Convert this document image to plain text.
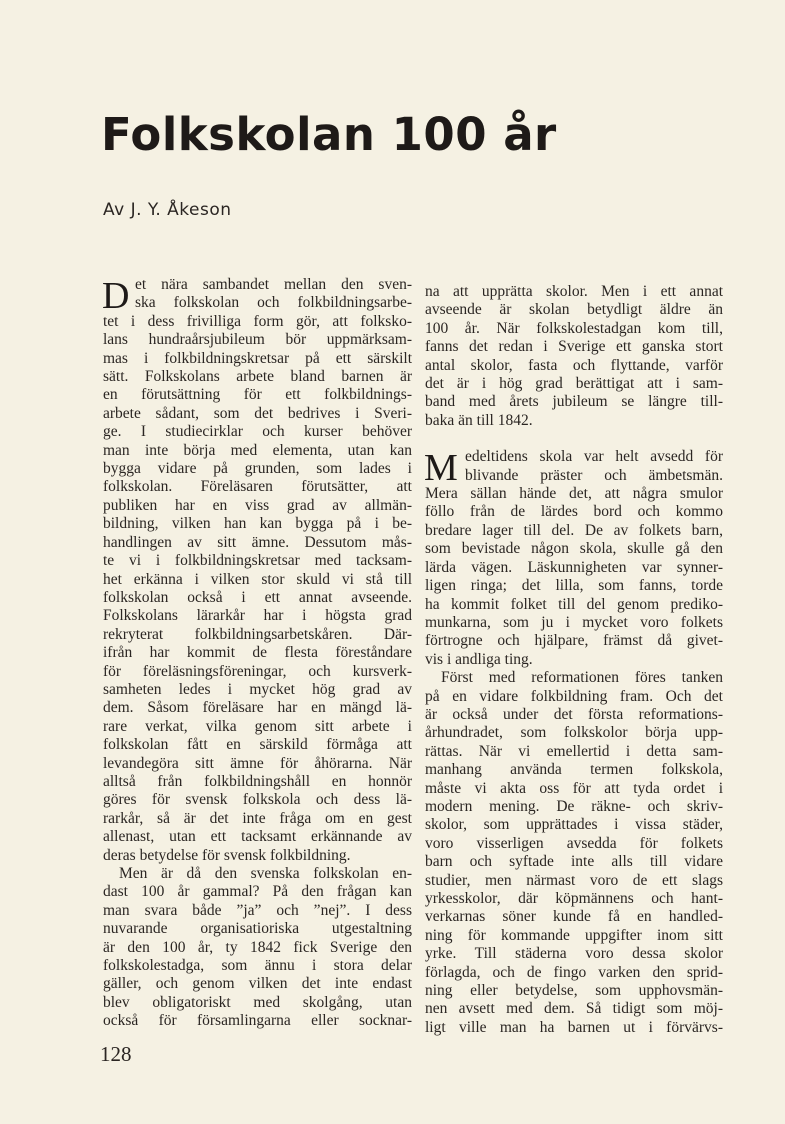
Folkskolan 100 år
Av J. Y. Åkeson
D et nära sambandet mellan den sven-
ska folkskolan och folkbildningsarbe-
tet i dess frivilliga form gör, att folksko-
lans hundraårsjubileum bör uppmärksam-
mas i folkbildningskretsar på ett särskilt
sätt. Folkskolans arbete bland barnen är
en förutsättning för ett folkbildnings-
arbete sådant, som det bedrives i Sveri-
ge. I studiecirklar och kurser behöver
man inte börja med elementa, utan kan
bygga vidare på grunden, som lades i
folkskolan. Föreläsaren förutsätter, att
publiken har en viss grad av allmän-
bildning, vilken han kan bygga på i be-
handlingen av sitt ämne. Dessutom mås-
te vi i folkbildningskretsar med tacksam-
het erkänna i vilken stor skuld vi stå till
folkskolan också i ett annat avseende.
Folkskolans lärarkår har i högsta grad
rekryterat folkbildningsarbetskåren. Där-
ifrån har kommit de flesta föreståndare
för föreläsningsföreningar, och kursverk-
samheten ledes i mycket hög grad av
dem. Såsom föreläsare har en mängd lä-
rare verkat, vilka genom sitt arbete i
folkskolan fått en särskild förmåga att
levandegöra sitt ämne för åhörarna. När
alltså från folkbildningshåll en honnör
göres för svensk folkskola och dess lä-
rarkår, så är det inte fråga om en gest
allenast, utan ett tacksamt erkännande av
deras betydelse för svensk folkbildning.
Men är då den svenska folkskolan en-
dast 100 år gammal? På den frågan kan
man svara både ”ja” och ”nej”. I dess
nuvarande organisatioriska utgestaltning
är den 100 år, ty 1842 fick Sverige den
folkskolestadga, som ännu i stora delar
gäller, och genom vilken det inte endast
blev obligatoriskt med skolgång, utan
också för församlingarna eller socknar-
na att upprätta skolor. Men i ett annat
avseende är skolan betydligt äldre än
100 år. När folkskolestadgan kom till,
fanns det redan i Sverige ett ganska stort
antal skolor, fasta och flyttande, varför
det är i hög grad berättigat att i sam-
band med årets jubileum se längre till-
baka än till 1842.
M edeltidens skola var helt avsedd för
blivande präster och ämbetsmän.
Mera sällan hände det, att några smulor
föllo från de lärdes bord och kommo
bredare lager till del. De av folkets barn,
som bevistade någon skola, skulle gå den
lärda vägen. Läskunnigheten var synner-
ligen ringa; det lilla, som fanns, torde
ha kommit folket till del genom prediko-
munkarna, som ju i mycket voro folkets
förtrogne och hjälpare, främst då givet-
vis i andliga ting.
Först med reformationen föres tanken
på en vidare folkbildning fram. Och det
är också under det första reformations-
århundradet, som folkskolor börja upp-
rättas. När vi emellertid i detta sam-
manhang använda termen folkskola,
måste vi akta oss för att tyda ordet i
modern mening. De räkne- och skriv-
skolor, som upprättades i vissa städer,
voro visserligen avsedda för folkets
barn och syftade inte alls till vidare
studier, men närmast voro de ett slags
yrkesskolor, där köpmännens och hant-
verkarnas söner kunde få en handled-
ning för kommande uppgifter inom sitt
yrke. Till städerna voro dessa skolor
förlagda, och de fingo varken den sprid-
ning eller betydelse, som upphovsmän-
nen avsett med dem. Så tidigt som möj-
ligt ville man ha barnen ut i förvärvs-
128
